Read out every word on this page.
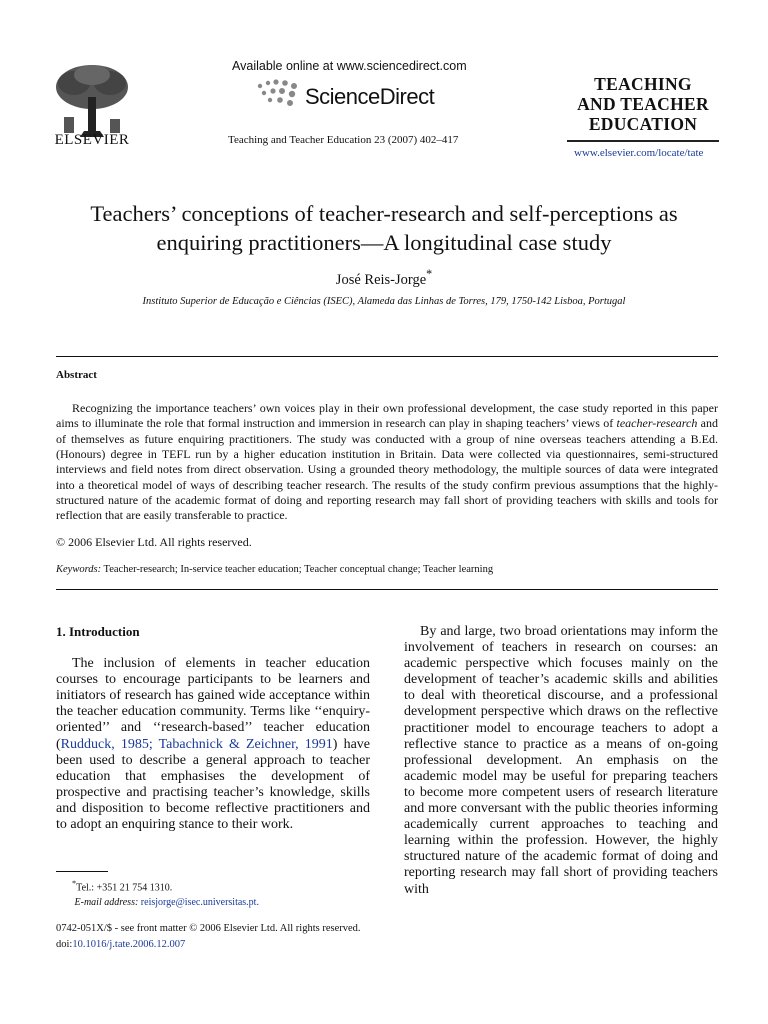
ELSEVIER
Available online at www.sciencedirect.com
ScienceDirect
Teaching and Teacher Education 23 (2007) 402–417
TEACHING
AND TEACHER
EDUCATION
www.elsevier.com/locate/tate
Teachers’ conceptions of teacher-research and self-perceptions as
enquiring practitioners—A longitudinal case study
José Reis-Jorge*
Instituto Superior de Educação e Ciências (ISEC), Alameda das Linhas de Torres, 179, 1750-142 Lisboa, Portugal
Abstract
Recognizing the importance teachers’ own voices play in their own professional development, the case study reported in this paper aims to illuminate the role that formal instruction and immersion in research can play in shaping teachers’ views of teacher-research and of themselves as future enquiring practitioners. The study was conducted with a group of nine overseas teachers attending a B.Ed. (Honours) degree in TEFL run by a higher education institution in Britain. Data were collected via questionnaires, semi-structured interviews and field notes from direct observation. Using a grounded theory methodology, the multiple sources of data were integrated into a theoretical model of ways of describing teacher research. The results of the study confirm previous assumptions that the highly-structured nature of the academic format of doing and reporting research may fall short of providing teachers with skills and tools for reflection that are easily transferable to practice.
© 2006 Elsevier Ltd. All rights reserved.
Keywords: Teacher-research; In-service teacher education; Teacher conceptual change; Teacher learning
1. Introduction

The inclusion of elements in teacher education courses to encourage participants to be learners and initiators of research has gained wide acceptance within the teacher education community. Terms like ‘‘enquiry-oriented’’ and ‘‘research-based’’ teacher education (Rudduck, 1985; Tabachnick & Zeichner, 1991) have been used to describe a general approach to teacher education that emphasises the development of prospective and practising teacher’s knowledge, skills and disposition to become reflective practitioners and to adopt an enquiring stance to their work.

By and large, two broad orientations may inform the involvement of teachers in research on courses: an academic perspective which focuses mainly on the development of teacher’s academic skills and abilities to deal with theoretical discourse, and a professional development perspective which draws on the reflective practitioner model to encourage teachers to adopt a reflective stance to practice as a means of on-going professional development. An emphasis on the academic model may be useful for preparing teachers to become more competent users of research literature and more conversant with the public theories informing academically current approaches to teaching and learning within the profession. However, the highly structured nature of the academic format of doing and reporting research may fall short of providing teachers with

*Tel.: +351 21 754 1310.
E-mail address: reisjorge@isec.universitas.pt.
0742-051X/$ - see front matter © 2006 Elsevier Ltd. All rights reserved.
doi:10.1016/j.tate.2006.12.007
